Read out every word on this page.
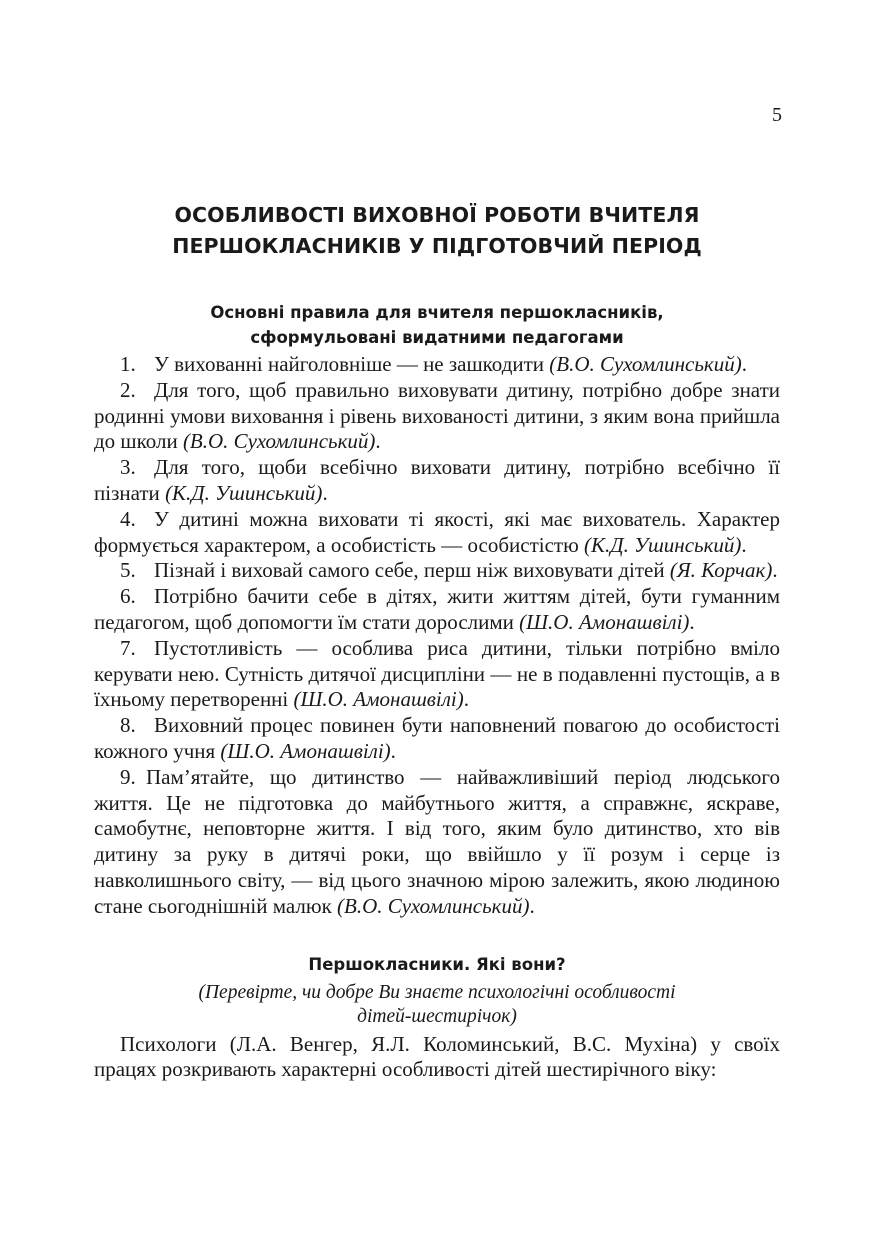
5
ОСОБЛИВОСТІ ВИХОВНОЇ РОБОТИ ВЧИТЕЛЯ
ПЕРШОКЛАСНИКІВ У ПІДГОТОВЧИЙ ПЕРІОД
Основні правила для вчителя першокласників,
сформульовані видатними педагогами
1. У вихованні найголовніше — не зашкодити (В.О. Сухомлинський).
2. Для того, щоб правильно виховувати дитину, потрібно добре знати родинні умови виховання і рівень вихованості дитини, з яким вона прийшла до школи (В.О. Сухомлинський).
3. Для того, щоби всебічно виховати дитину, потрібно всебічно її пізнати (К.Д. Ушинський).
4. У дитині можна виховати ті якості, які має вихователь. Характер формується характером, а особистість — особистістю (К.Д. Ушинський).
5. Пізнай і виховай самого себе, перш ніж виховувати дітей (Я. Корчак).
6. Потрібно бачити себе в дітях, жити життям дітей, бути гуманним педагогом, щоб допомогти їм стати дорослими (Ш.О. Амонашвілі).
7. Пустотливість — особлива риса дитини, тільки потрібно вміло керувати нею. Сутність дитячої дисципліни — не в подавленні пустощів, а в їхньому перетворенні (Ш.О. Амонашвілі).
8. Виховний процес повинен бути наповнений повагою до особистості кожного учня (Ш.О. Амонашвілі).
9. Пам’ятайте, що дитинство — найважливіший період людського життя. Це не підготовка до майбутнього життя, а справжнє, яскраве, самобутнє, неповторне життя. І від того, яким було дитинство, хто вів дитину за руку в дитячі роки, що ввійшло у її розум і серце із навколишнього світу, — від цього значною мірою залежить, якою людиною стане сьогоднішній малюк (В.О. Сухомлинський).
Першокласники. Які вони?

(Перевірте, чи добре Ви знаєте психологічні особливості
дітей-шестирічок)

Психологи (Л.А. Венгер, Я.Л. Коломинський, В.С. Мухіна) у своїх працях розкривають характерні особливості дітей шестирічного віку:
